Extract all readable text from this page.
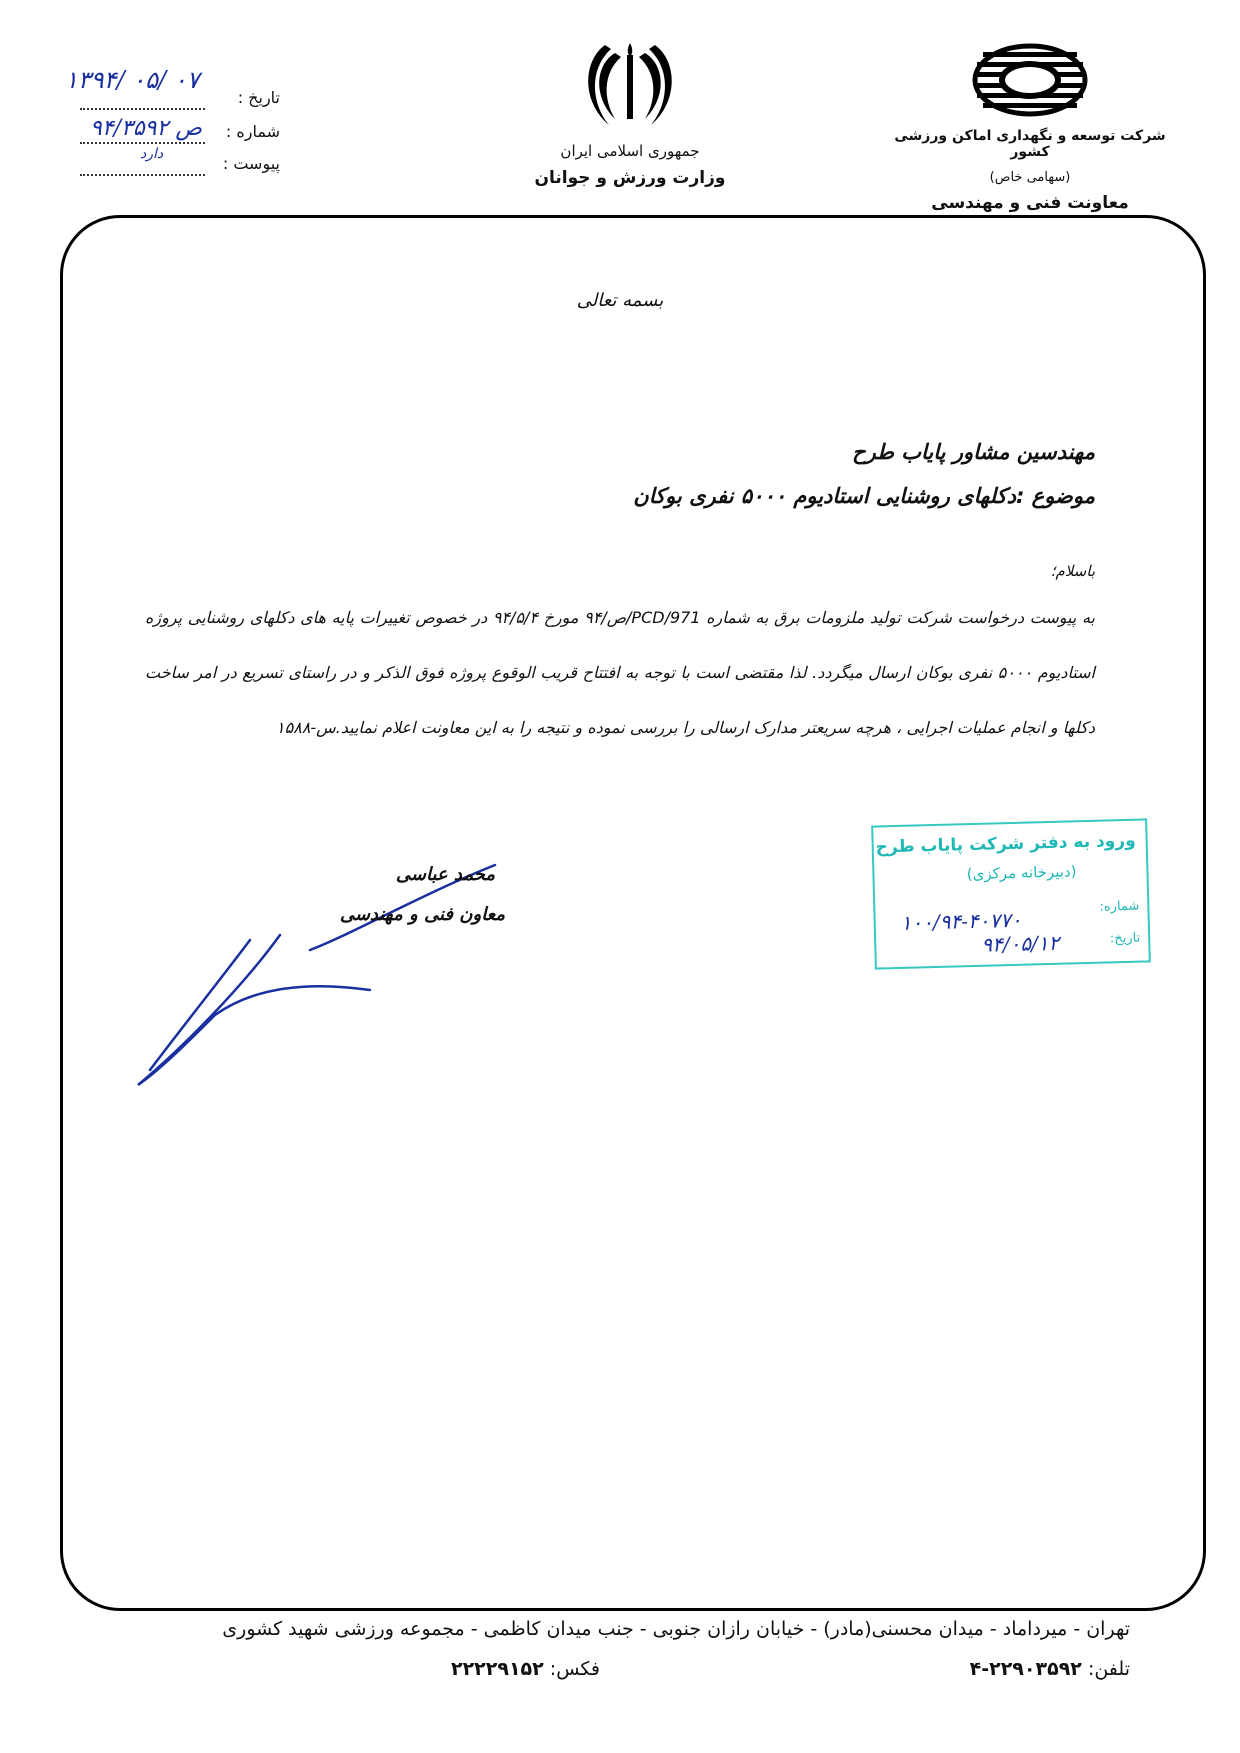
شرکت توسعه و نگهداری اماکن ورزشی کشور
(سهامی خاص)
معاونت فنی و مهندسی
جمهوری اسلامی ایران
وزارت ورزش و جوانان
تاریخ :
۱۳۹۴/ ۰۵/ ۰۷
شماره :
۹۴/۳۵۹۲ ص
پیوست :
دارد
بسمه تعالی
مهندسین مشاور پایاب طرح
موضوع :دکلهای روشنایی استادیوم ۵۰۰۰ نفری بوکان
باسلام؛
به پیوست درخواست شرکت تولید ملزومات برق به شماره PCD/971/ص/۹۴ مورخ ۹۴/۵/۴ در خصوص تغییرات پایه های دکلهای روشنایی پروژه استادیوم ۵۰۰۰ نفری بوکان ارسال میگردد. لذا مقتضی است با توجه به افتتاح قریب الوقوع پروژه فوق الذکر و در راستای تسریع در امر ساخت دکلها و انجام عملیات اجرایی ، هرچه سریعتر مدارک ارسالی را بررسی نموده و نتیجه را به این معاونت اعلام نمایید.س-۱۵۸۸
محمد عباسی
معاون فنی و مهندسی
ورود به دفتر شرکت پایاب طرح
(دبیرخانه مرکزی)
شماره:
تاریخ:
۱۰۰/۹۴-۴۰۷۷۰
۹۴/۰۵/۱۲
تهران - میرداماد - میدان محسنی(مادر) - خیابان رازان جنوبی - جنب میدان کاظمی - مجموعه ورزشی شهید کشوری
تلفن: ۲۲۹۰۳۵۹۲-۴
فکس: ۲۲۲۲۹۱۵۲
